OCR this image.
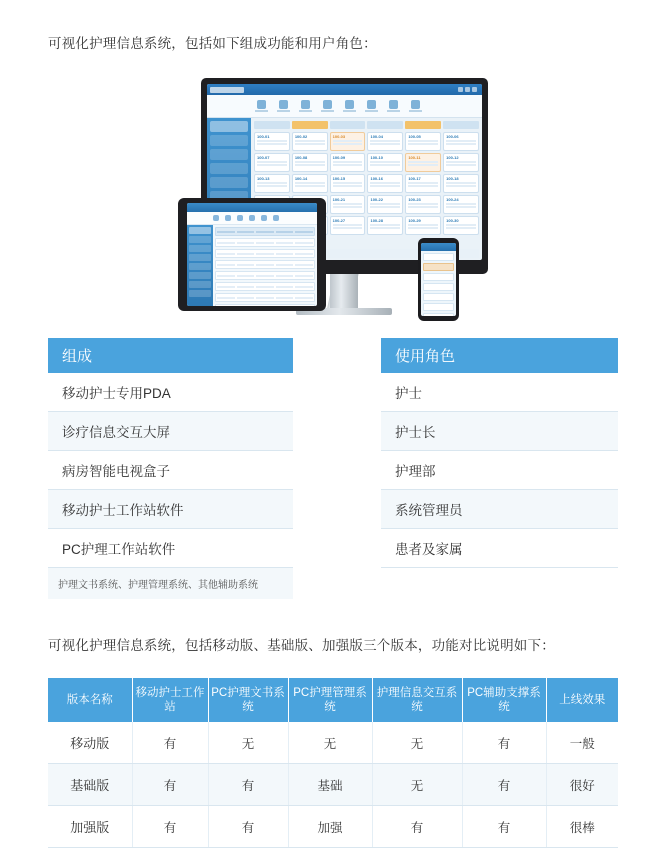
可视化护理信息系统，包括如下组成功能和用户角色：
100-01	100-02	100-03	100-04	100-05	100-06
100-07	100-08	100-09	100-10	100-11	100-12
100-13	100-14	100-15	100-16	100-17	100-18
100-21	100-22	100-23	100-24
100-27	100-28	100-29	100-30
组成
移动护士专用PDA
诊疗信息交互大屏
病房智能电视盒子
移动护士工作站软件
PC护理工作站软件
护理文书系统、护理管理系统、其他辅助系统
使用角色
护士
护士长
护理部
系统管理员
患者及家属
可视化护理信息系统，包括移动版、基础版、加强版三个版本，功能对比说明如下：
版本名称	移动护士工作站	PC护理文书系统	PC护理管理系统	护理信息交互系统	PC辅助支撑系统	上线效果
移动版	有	无	无	无	有	一般
基础版	有	有	基础	无	有	很好
加强版	有	有	加强	有	有	很棒
